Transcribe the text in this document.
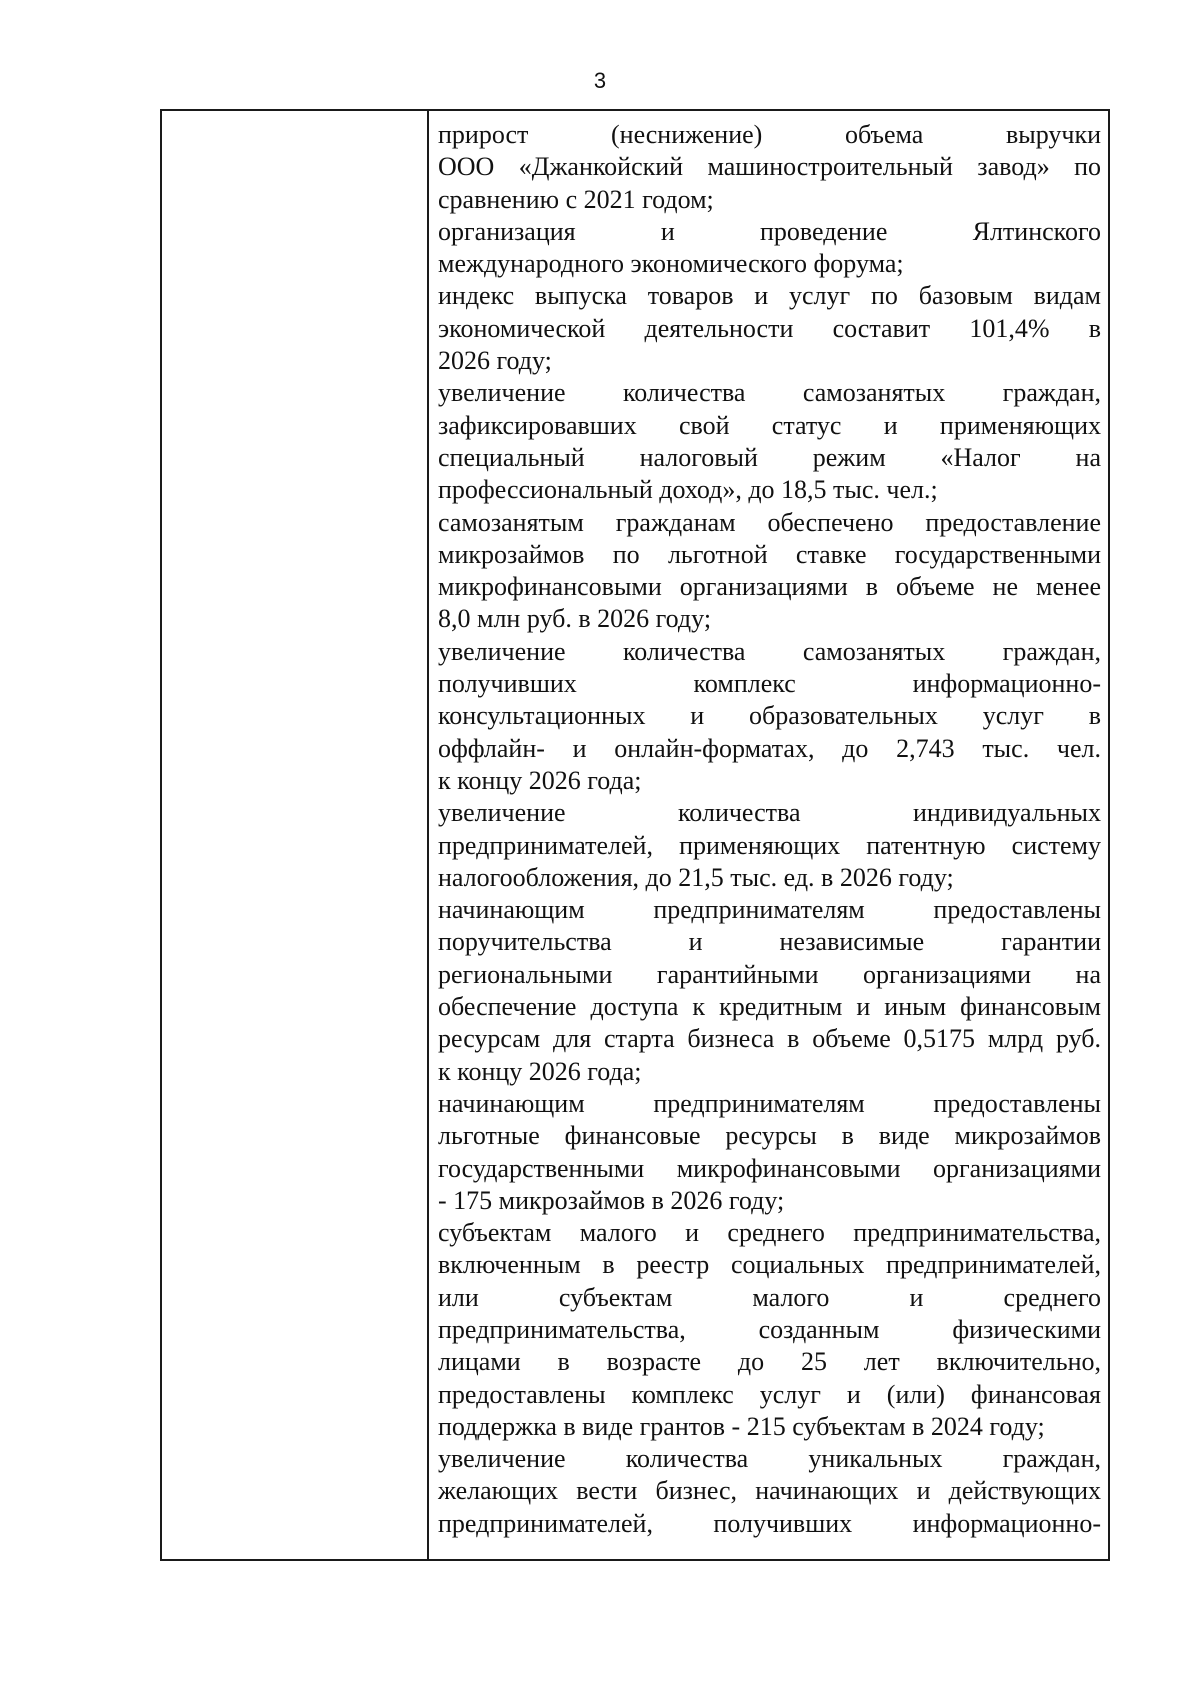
3
прирост (неснижение) объема выручки
ООО «Джанкойский машиностроительный завод» по
сравнению с 2021 годом;
организация и проведение Ялтинского
международного экономического форума;
индекс выпуска товаров и услуг по базовым видам
экономической деятельности составит 101,4% в
2026 году;
увеличение количества самозанятых граждан,
зафиксировавших свой статус и применяющих
специальный налоговый режим «Налог на
профессиональный доход», до 18,5 тыс. чел.;
самозанятым гражданам обеспечено предоставление
микрозаймов по льготной ставке государственными
микрофинансовыми организациями в объеме не менее
8,0 млн руб. в 2026 году;
увеличение количества самозанятых граждан,
получивших комплекс информационно-
консультационных и образовательных услуг в
оффлайн- и онлайн-форматах, до 2,743 тыс. чел.
к концу 2026 года;
увеличение количества индивидуальных
предпринимателей, применяющих патентную систему
налогообложения, до 21,5 тыс. ед. в 2026 году;
начинающим предпринимателям предоставлены
поручительства и независимые гарантии
региональными гарантийными организациями на
обеспечение доступа к кредитным и иным финансовым
ресурсам для старта бизнеса в объеме 0,5175 млрд руб.
к концу 2026 года;
начинающим предпринимателям предоставлены
льготные финансовые ресурсы в виде микрозаймов
государственными микрофинансовыми организациями
- 175 микрозаймов в 2026 году;
субъектам малого и среднего предпринимательства,
включенным в реестр социальных предпринимателей,
или субъектам малого и среднего
предпринимательства, созданным физическими
лицами в возрасте до 25 лет включительно,
предоставлены комплекс услуг и (или) финансовая
поддержка в виде грантов - 215 субъектам в 2024 году;
увеличение количества уникальных граждан,
желающих вести бизнес, начинающих и действующих
предпринимателей, получивших информационно-
